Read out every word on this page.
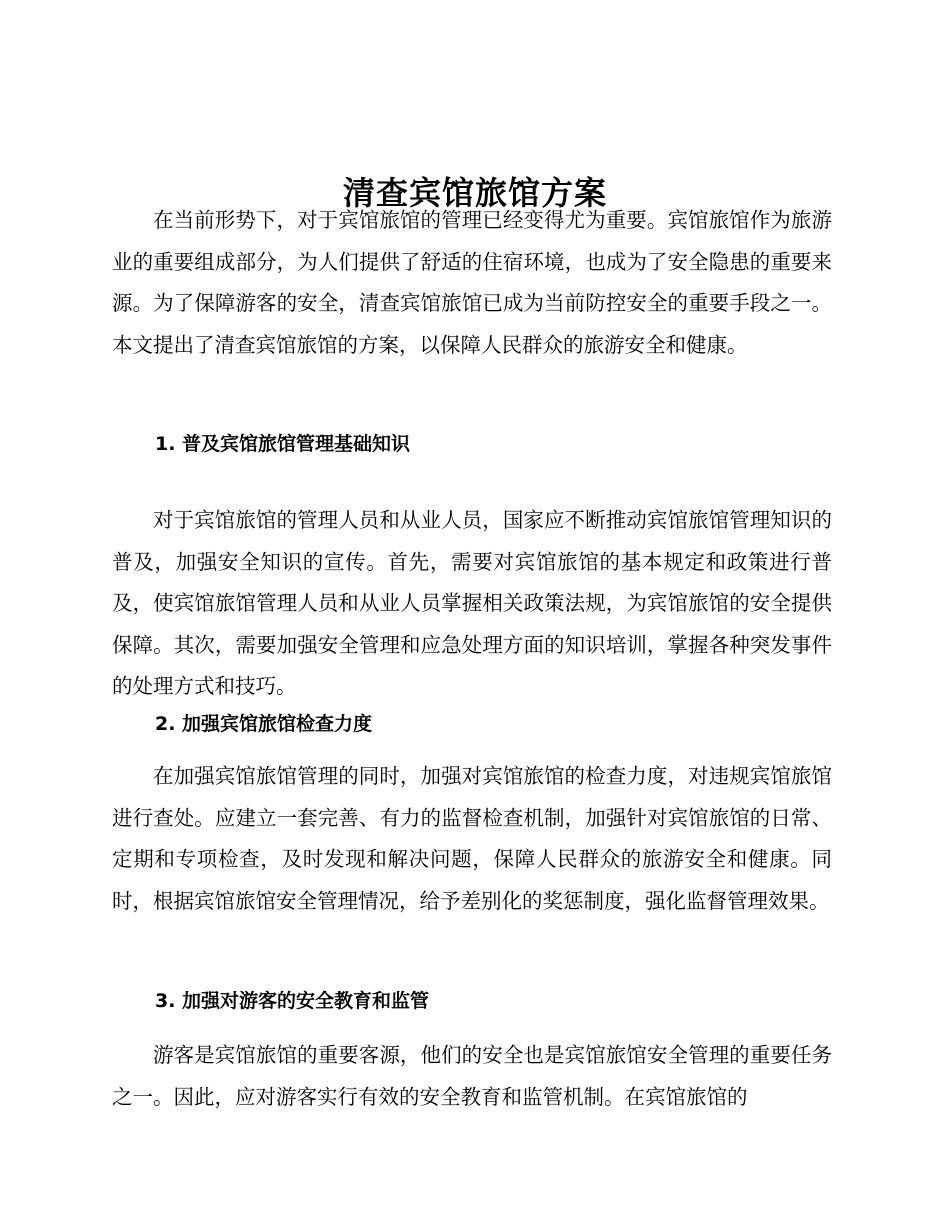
清查宾馆旅馆方案

在当前形势下，对于宾馆旅馆的管理已经变得尤为重要。宾馆旅馆作为旅游业的重要组成部分，为人们提供了舒适的住宿环境，也成为了安全隐患的重要来源。为了保障游客的安全，清查宾馆旅馆已成为当前防控安全的重要手段之一。本文提出了清查宾馆旅馆的方案，以保障人民群众的旅游安全和健康。

1. 普及宾馆旅馆管理基础知识

对于宾馆旅馆的管理人员和从业人员，国家应不断推动宾馆旅馆管理知识的普及，加强安全知识的宣传。首先，需要对宾馆旅馆的基本规定和政策进行普及，使宾馆旅馆管理人员和从业人员掌握相关政策法规，为宾馆旅馆的安全提供保障。其次，需要加强安全管理和应急处理方面的知识培训，掌握各种突发事件的处理方式和技巧。

2. 加强宾馆旅馆检查力度

在加强宾馆旅馆管理的同时，加强对宾馆旅馆的检查力度，对违规宾馆旅馆进行查处。应建立一套完善、有力的监督检查机制，加强针对宾馆旅馆的日常、定期和专项检查，及时发现和解决问题，保障人民群众的旅游安全和健康。同时，根据宾馆旅馆安全管理情况，给予差别化的奖惩制度，强化监督管理效果。

3. 加强对游客的安全教育和监管

游客是宾馆旅馆的重要客源，他们的安全也是宾馆旅馆安全管理的重要任务之一。因此，应对游客实行有效的安全教育和监管机制。在宾馆旅馆的
